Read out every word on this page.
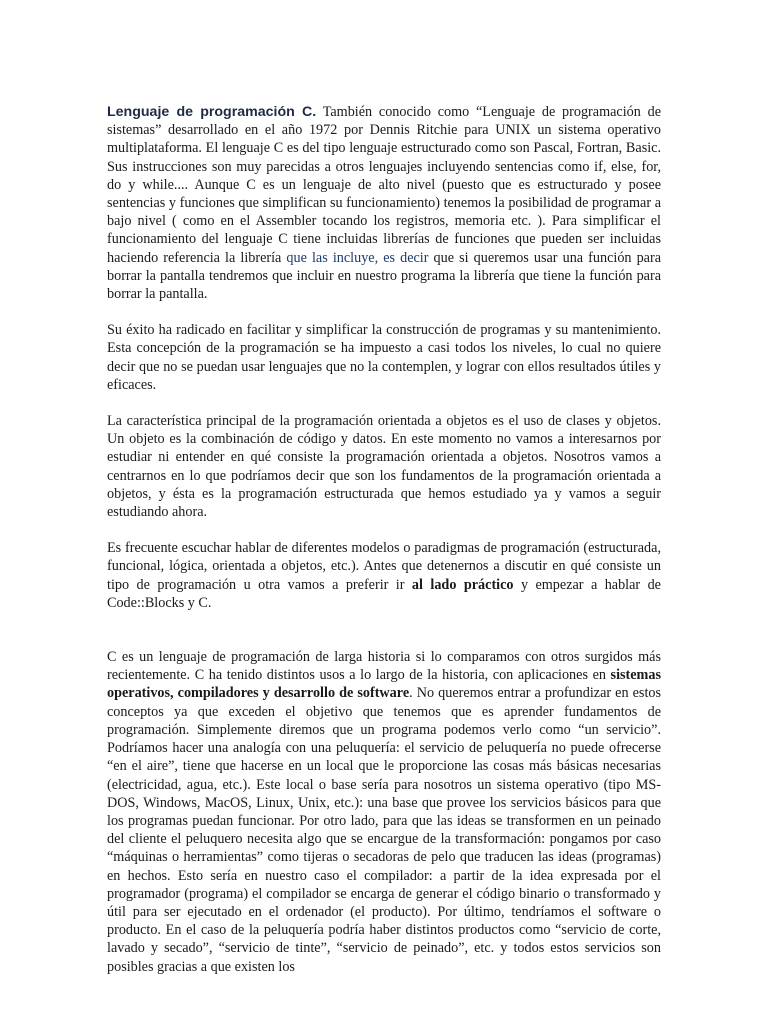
Lenguaje de programación C. También conocido como “Lenguaje de programación de sistemas” desarrollado en el año 1972 por Dennis Ritchie para UNIX un sistema operativo multiplataforma. El lenguaje C es del tipo lenguaje estructurado como son Pascal, Fortran, Basic. Sus instrucciones son muy parecidas a otros lenguajes incluyendo sentencias como if, else, for, do y while.... Aunque C es un lenguaje de alto nivel (puesto que es estructurado y posee sentencias y funciones que simplifican su funcionamiento) tenemos la posibilidad de programar a bajo nivel ( como en el Assembler tocando los registros, memoria etc. ). Para simplificar el funcionamiento del lenguaje C tiene incluidas librerías de funciones que pueden ser incluidas haciendo referencia la librería que las incluye, es decir que si queremos usar una función para borrar la pantalla tendremos que incluir en nuestro programa la librería que tiene la función para borrar la pantalla.

Su éxito ha radicado en facilitar y simplificar la construcción de programas y su mantenimiento. Esta concepción de la programación se ha impuesto a casi todos los niveles, lo cual no quiere decir que no se puedan usar lenguajes que no la contemplen, y lograr con ellos resultados útiles y eficaces.

La característica principal de la programación orientada a objetos es el uso de clases y objetos. Un objeto es la combinación de código y datos. En este momento no vamos a interesarnos por estudiar ni entender en qué consiste la programación orientada a objetos. Nosotros vamos a centrarnos en lo que podríamos decir que son los fundamentos de la programación orientada a objetos, y ésta es la programación estructurada que hemos estudiado ya y vamos a seguir estudiando ahora.

Es frecuente escuchar hablar de diferentes modelos o paradigmas de programación (estructurada, funcional, lógica, orientada a objetos, etc.). Antes que detenernos a discutir en qué consiste un tipo de programación u otra vamos a preferir ir al lado práctico y empezar a hablar de Code::Blocks y C.

C es un lenguaje de programación de larga historia si lo comparamos con otros surgidos más recientemente. C ha tenido distintos usos a lo largo de la historia, con aplicaciones en sistemas operativos, compiladores y desarrollo de software. No queremos entrar a profundizar en estos conceptos ya que exceden el objetivo que tenemos que es aprender fundamentos de programación. Simplemente diremos que un programa podemos verlo como “un servicio”. Podríamos hacer una analogía con una peluquería: el servicio de peluquería no puede ofrecerse “en el aire”, tiene que hacerse en un local que le proporcione las cosas más básicas necesarias (electricidad, agua, etc.). Este local o base sería para nosotros un sistema operativo (tipo MS-DOS, Windows, MacOS, Linux, Unix, etc.): una base que provee los servicios básicos para que los programas puedan funcionar. Por otro lado, para que las ideas se transformen en un peinado del cliente el peluquero necesita algo que se encargue de la transformación: pongamos por caso “máquinas o herramientas” como tijeras o secadoras de pelo que traducen las ideas (programas) en hechos. Esto sería en nuestro caso el compilador: a partir de la idea expresada por el programador (programa) el compilador se encarga de generar el código binario o transformado y útil para ser ejecutado en el ordenador (el producto). Por último, tendríamos el software o producto. En el caso de la peluquería podría haber distintos productos como “servicio de corte, lavado y secado”, “servicio de tinte”, “servicio de peinado”, etc. y todos estos servicios son posibles gracias a que existen los
